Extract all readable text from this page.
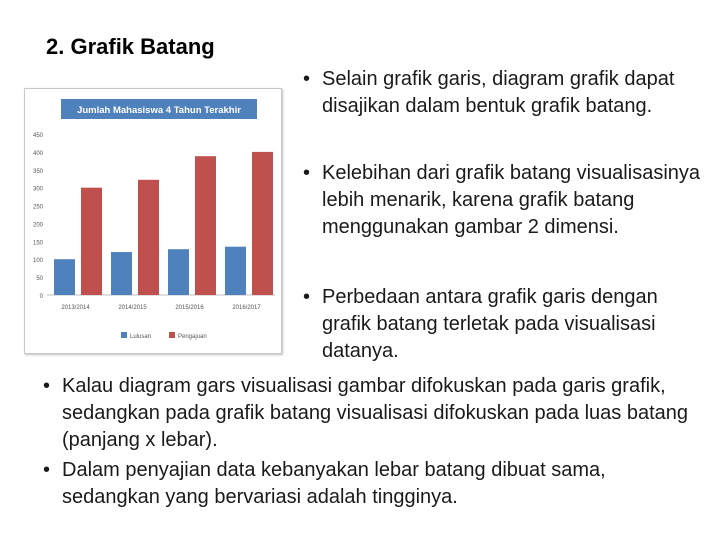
2. Grafik Batang
Jumlah Mahasiswa 4 Tahun Terakhir
0
50
100
150
200
250
300
350
400
450
2013/2014	2014/2015	2015/2016	2016/2017
Lulusan	Pengajuan
• Selain grafik garis, diagram grafik dapat disajikan dalam bentuk grafik batang.
• Kelebihan dari grafik batang visualisasinya lebih menarik, karena grafik batang menggunakan gambar 2 dimensi.
• Perbedaan antara grafik garis dengan grafik batang terletak pada visualisasi datanya.
• Kalau diagram gars visualisasi gambar difokuskan pada garis grafik, sedangkan pada grafik batang visualisasi difokuskan pada luas batang (panjang x lebar).
• Dalam penyajian data kebanyakan lebar batang dibuat sama, sedangkan yang bervariasi adalah tingginya.
